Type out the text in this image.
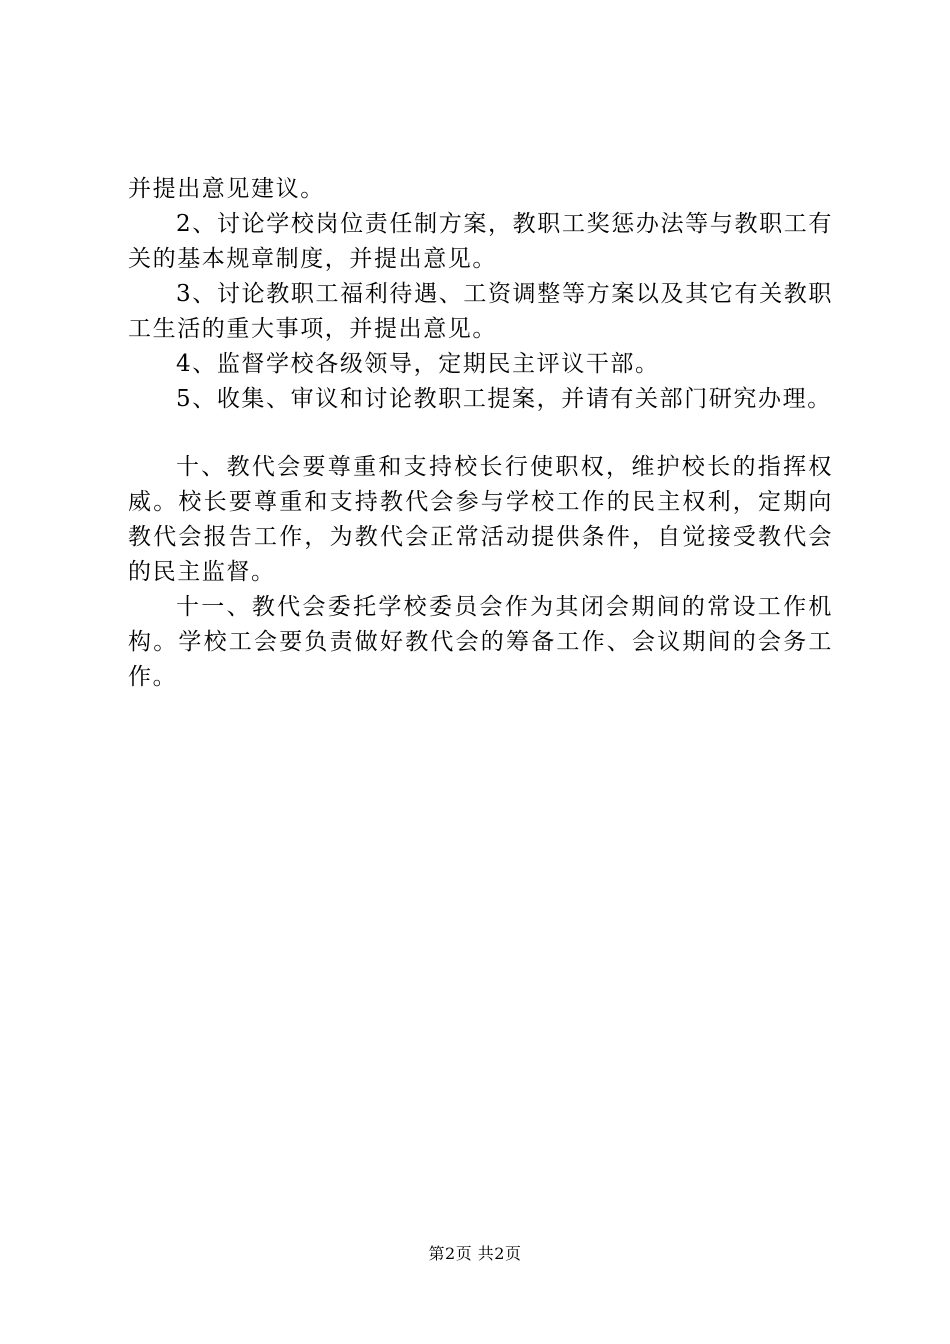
并提出意见建议。

2、讨论学校岗位责任制方案，教职工奖惩办法等与教职工有关的基本规章制度，并提出意见。

3、讨论教职工福利待遇、工资调整等方案以及其它有关教职工生活的重大事项，并提出意见。

4、监督学校各级领导，定期民主评议干部。

5、收集、审议和讨论教职工提案，并请有关部门研究办理。

十、教代会要尊重和支持校长行使职权，维护校长的指挥权威。校长要尊重和支持教代会参与学校工作的民主权利，定期向教代会报告工作，为教代会正常活动提供条件，自觉接受教代会的民主监督。

十一、教代会委托学校委员会作为其闭会期间的常设工作机构。学校工会要负责做好教代会的筹备工作、会议期间的会务工作。

第2页 共2页
